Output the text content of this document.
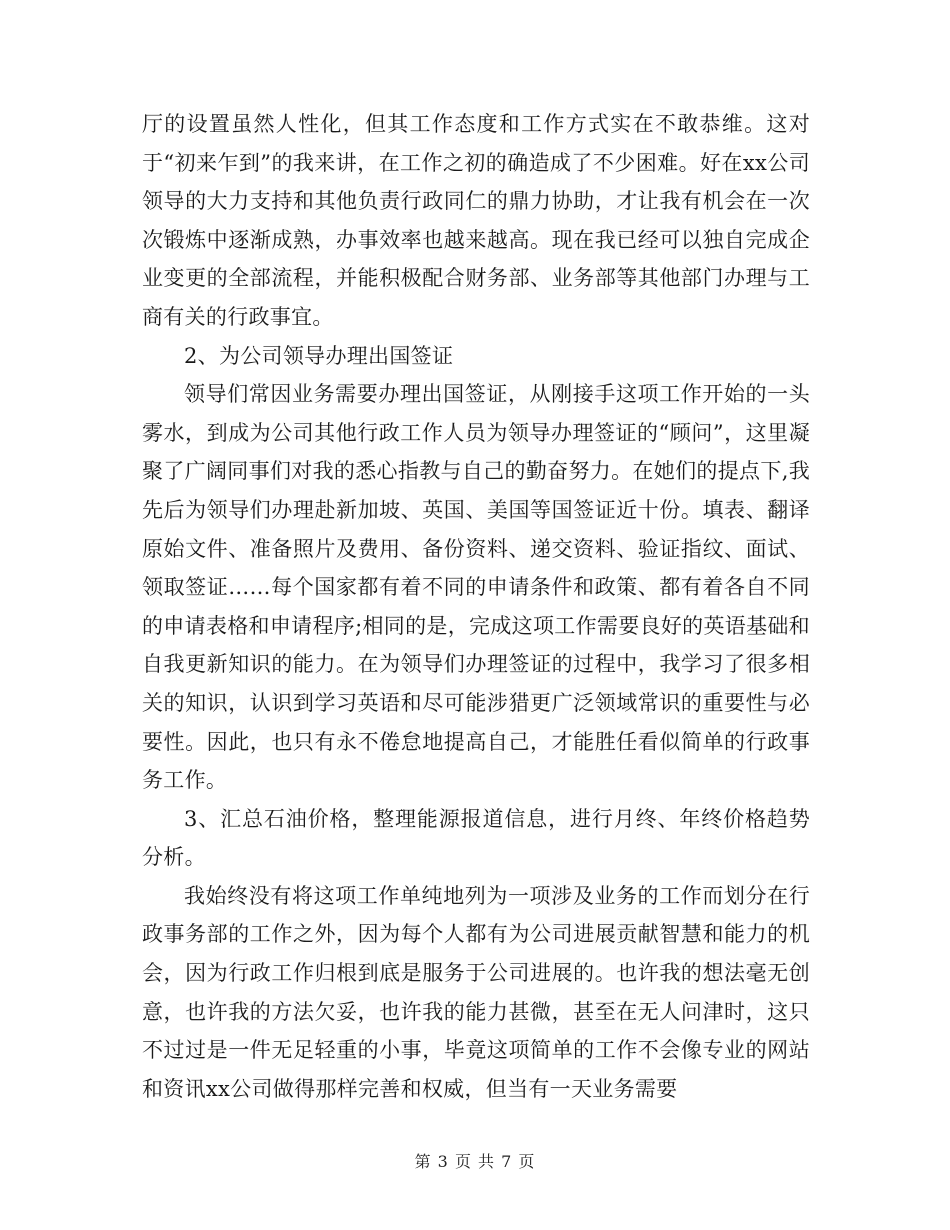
厅的设置虽然人性化，但其工作态度和工作方式实在不敢恭维。这对于“初来乍到”的我来讲，在工作之初的确造成了不少困难。好在xx公司领导的大力支持和其他负责行政同仁的鼎力协助，才让我有机会在一次次锻炼中逐渐成熟，办事效率也越来越高。现在我已经可以独自完成企业变更的全部流程，并能积极配合财务部、业务部等其他部门办理与工商有关的行政事宜。

2、为公司领导办理出国签证

领导们常因业务需要办理出国签证，从刚接手这项工作开始的一头雾水，到成为公司其他行政工作人员为领导办理签证的“顾问”，这里凝聚了广阔同事们对我的悉心指教与自己的勤奋努力。在她们的提点下,我先后为领导们办理赴新加坡、英国、美国等国签证近十份。填表、翻译原始文件、准备照片及费用、备份资料、递交资料、验证指纹、面试、领取签证……每个国家都有着不同的申请条件和政策、都有着各自不同的申请表格和申请程序;相同的是，完成这项工作需要良好的英语基础和自我更新知识的能力。在为领导们办理签证的过程中，我学习了很多相关的知识，认识到学习英语和尽可能涉猎更广泛领域常识的重要性与必要性。因此，也只有永不倦怠地提高自己，才能胜任看似简单的行政事务工作。

3、汇总石油价格，整理能源报道信息，进行月终、年终价格趋势分析。

我始终没有将这项工作单纯地列为一项涉及业务的工作而划分在行政事务部的工作之外，因为每个人都有为公司进展贡献智慧和能力的机会，因为行政工作归根到底是服务于公司进展的。也许我的想法毫无创意，也许我的方法欠妥，也许我的能力甚微，甚至在无人问津时，这只不过过是一件无足轻重的小事，毕竟这项简单的工作不会像专业的网站和资讯xx公司做得那样完善和权威，但当有一天业务需要

第 3 页 共 7 页
